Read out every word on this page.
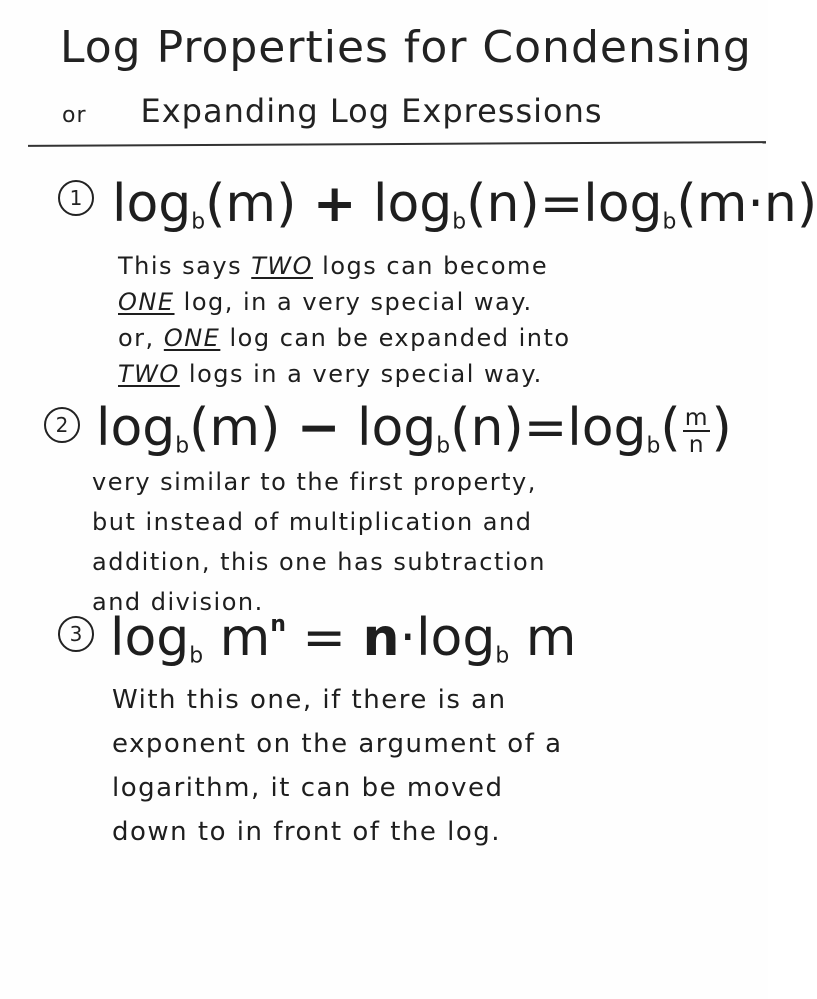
Log Properties for Condensing
or Expanding Log Expressions
1 $\log_b(m) + \log_b(n)=\log_b(m\cdot n)$
This says TWO logs can become
ONE log, in a very special way.
or, ONE log can be expanded into
TWO logs in a very special way.
2 $\log_b(m) - \log_b(n)=\log_b( \frac{m}{n}$ )
very similar to the first property,
but instead of multiplication and
addition, this one has subtraction
and division.
3 $\log_b m^n = n\cdot\log_b$ m
With this one, if there is an
exponent on the argument of a
logarithm, it can be moved
down to in front of the log.
